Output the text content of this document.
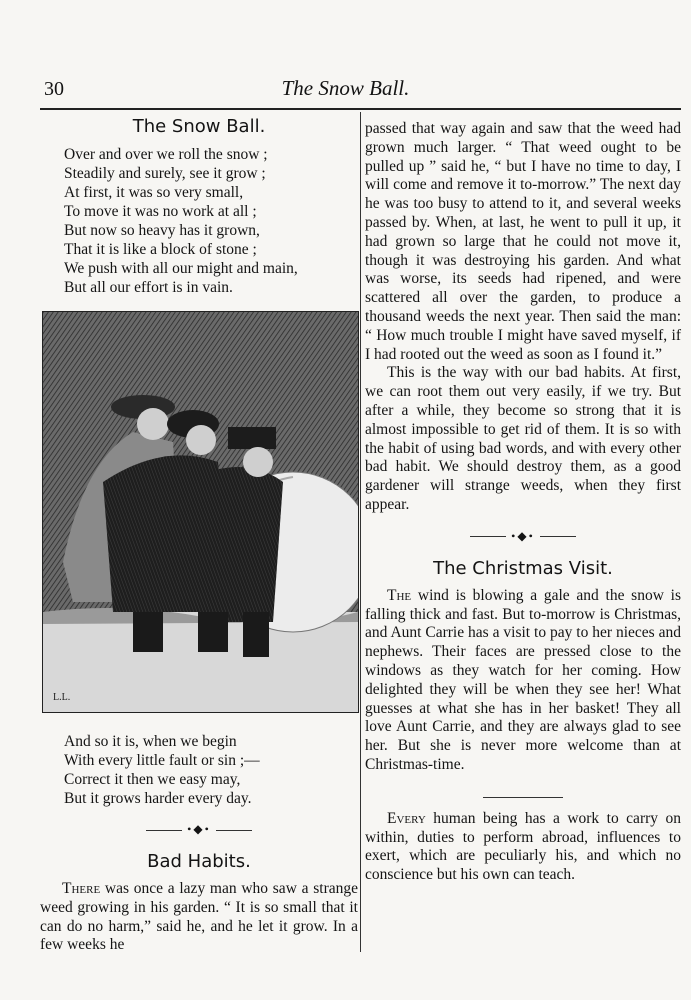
30	The Snow Ball.
The Snow Ball.
Over and over we roll the snow ;
Steadily and surely, see it grow ;
At first, it was so very small,
To move it was no work at all ;
But now so heavy has it grown,
That it is like a block of stone ;
We push with all our might and main,
But all our effort is in vain.
L.L.
And so it is, when we begin
With every little fault or sin ;—
Correct it then we easy may,
But it grows harder every day.
•◆•
Bad Habits.

There was once a lazy man who saw a strange weed growing in his garden. “ It is so small that it can do no harm,” said he, and he let it grow. In a few weeks he

passed that way again and saw that the weed had grown much larger. “ That weed ought to be pulled up ” said he, “ but I have no time to day, I will come and remove it to-morrow.” The next day he was too busy to attend to it, and several weeks passed by. When, at last, he went to pull it up, it had grown so large that he could not move it, though it was destroying his garden. And what was worse, its seeds had ripened, and were scattered all over the garden, to produce a thousand weeds the next year. Then said the man: “ How much trouble I might have saved myself, if I had rooted out the weed as soon as I found it.”

This is the way with our bad habits. At first, we can root them out very easily, if we try. But after a while, they become so strong that it is almost impossible to get rid of them. It is so with the habit of using bad words, and with every other bad habit. We should destroy them, as a good gardener will strange weeds, when they first appear.

•◆•
The Christmas Visit.

The wind is blowing a gale and the snow is falling thick and fast. But to-morrow is Christmas, and Aunt Carrie has a visit to pay to her nieces and nephews. Their faces are pressed close to the windows as they watch for her coming. How delighted they will be when they see her! What guesses at what she has in her basket! They all love Aunt Carrie, and they are always glad to see her. But she is never more welcome than at Christmas-time.

Every human being has a work to carry on within, duties to perform abroad, influences to exert, which are peculiarly his, and which no conscience but his own can teach.
